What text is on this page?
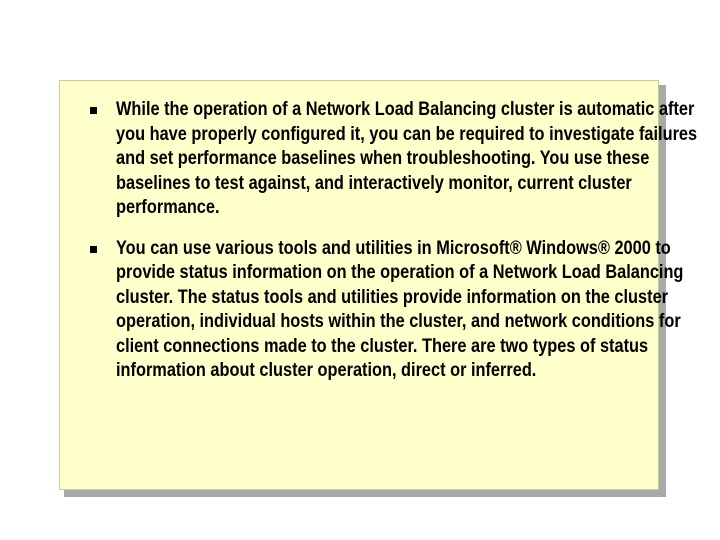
While the operation of a Network Load Balancing cluster is automatic after you have properly configured it, you can be required to investigate failures and set performance baselines when troubleshooting. You use these baselines to test against, and interactively monitor, current cluster performance.
You can use various tools and utilities in Microsoft® Windows® 2000 to provide status information on the operation of a Network Load Balancing cluster. The status tools and utilities provide information on the cluster operation, individual hosts within the cluster, and network conditions for client connections made to the cluster. There are two types of status information about cluster operation, direct or inferred.
